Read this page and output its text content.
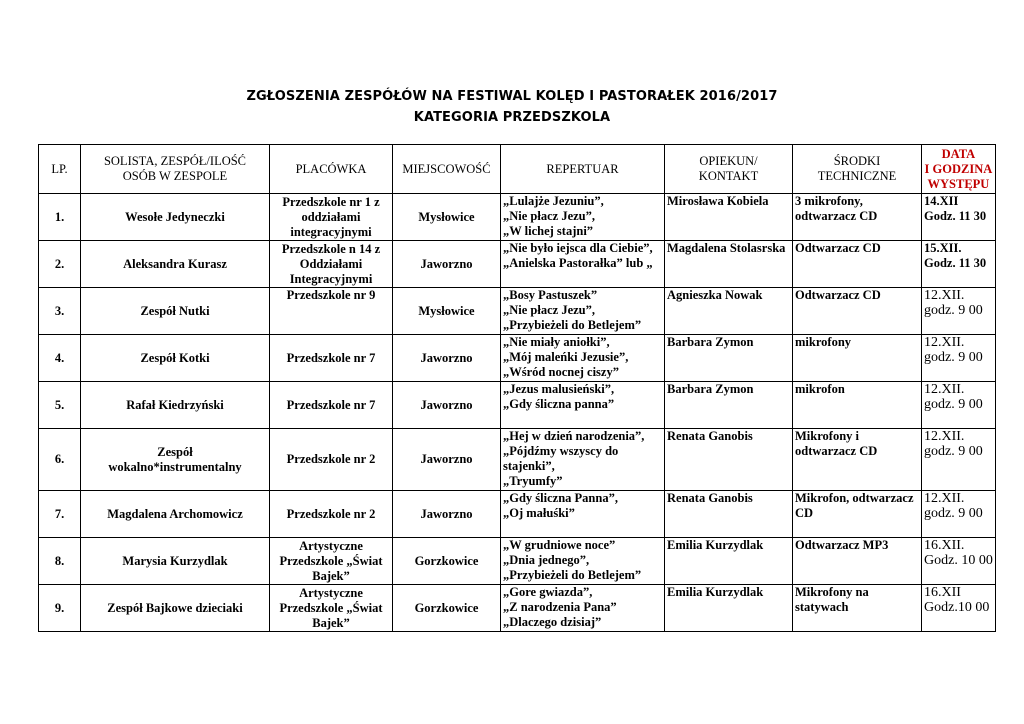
ZGŁOSZENIA ZESPÓŁÓW NA FESTIWAL KOLĘD I PASTORAŁEK 2016/2017
KATEGORIA PRZEDSZKOLA
LP.	SOLISTA, ZESPÓŁ/ILOŚĆ
OSÓB W ZESPOLE	PLACÓWKA	MIEJSCOWOŚĆ	REPERTUAR	OPIEKUN/
KONTAKT	ŚRODKI
TECHNICZNE	DATA
I GODZINA
WYSTĘPU

1.	Wesołe Jedyneczki	Przedszkole nr 1 z
oddziałami
integracyjnymi	Mysłowice	„Lulajże Jezuniu”,
„Nie płacz Jezu”,
„W lichej stajni”	Mirosława Kobiela	3 mikrofony,
odtwarzacz CD	14.XII
Godz. 11 30

2.	Aleksandra Kurasz	Przedszkole n 14 z
Oddziałami
Integracyjnymi	Jaworzno	„Nie było iejsca dla Ciebie”,
„Anielska Pastorałka” lub „	Magdalena Stolasrska	Odtwarzacz CD	15.XII.
Godz. 11 30

3.	Zespół Nutki	Przedszkole nr 9	Mysłowice	„Bosy Pastuszek”
„Nie płacz Jezu”,
„Przybieżeli do Betlejem”	Agnieszka Nowak	Odtwarzacz CD	12.XII.
godz. 9 00

4.	Zespół Kotki	Przedszkole nr 7	Jaworzno	„Nie miały aniołki”,
„Mój maleńki Jezusie”,
„Wśród nocnej ciszy”	Barbara Zymon	mikrofony	12.XII.
godz. 9 00

5.	Rafał Kiedrzyński	Przedszkole nr 7	Jaworzno	„Jezus malusieński”,
„Gdy śliczna panna”	Barbara Zymon	mikrofon	12.XII.
godz. 9 00

6.	Zespół
wokalno*instrumentalny	Przedszkole nr 2	Jaworzno	„Hej w dzień narodzenia”,
„Pójdźmy wszyscy do
stajenki”,
„Tryumfy”	Renata Ganobis	Mikrofony i
odtwarzacz CD	12.XII.
godz. 9 00

7.	Magdalena Archomowicz	Przedszkole nr 2	Jaworzno	„Gdy śliczna Panna”,
„Oj małuśki”	Renata Ganobis	Mikrofon, odtwarzacz
CD	12.XII.
godz. 9 00

8.	Marysia Kurzydlak	Artystyczne
Przedszkole „Świat
Bajek”	Gorzkowice	„W grudniowe noce”
„Dnia jednego”,
„Przybieżeli do Betlejem”	Emilia Kurzydlak	Odtwarzacz MP3	16.XII.
Godz. 10 00

9.	Zespół Bajkowe dzieciaki	Artystyczne
Przedszkole „Świat
Bajek”	Gorzkowice	„Gore gwiazda”,
„Z narodzenia Pana”
„Dlaczego dzisiaj”	Emilia Kurzydlak	Mikrofony na
statywach	16.XII
Godz.10 00
